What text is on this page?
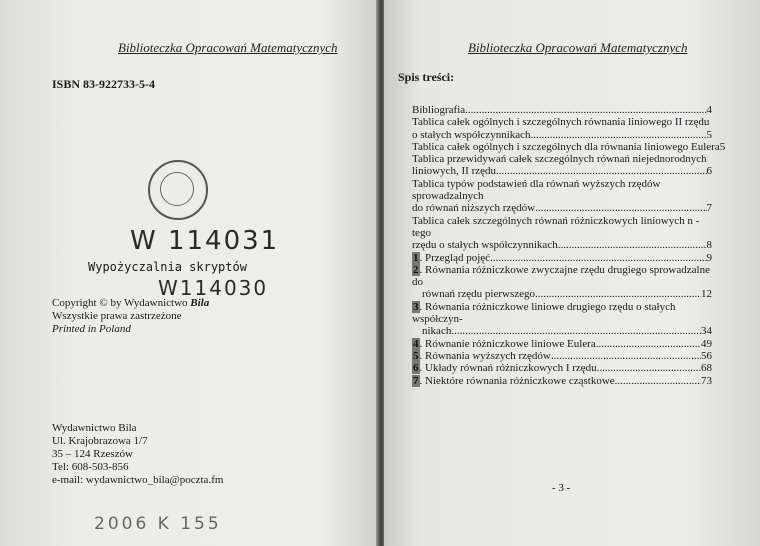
Biblioteczka Opracowań Matematycznych
ISBN 83-922733-5-4
W 114031
Wypożyczalnia skryptów
W114030
Copyright © by Wydawnictwo Bila
Wszystkie prawa zastrzeżone
Printed in Poland
Wydawnictwo Bila
Ul. Krajobrazowa 1/7
35 – 124 Rzeszów
Tel: 608-503-856
e-mail: wydawnictwo_bila@poczta.fm
2006 K 155
Biblioteczka Opracowań Matematycznych
Spis treści:
Bibliografia .....	4
Tablica całek ogólnych i szczególnych równania liniowego II rzędu
o stałych współczynnikach .....	5
Tablica całek ogólnych i szczególnych dla równania liniowego Eulera 5
Tablica przewidywań całek szczególnych równań niejednorodnych
liniowych, II rzędu .....	6
Tablica typów podstawień dla równań wyższych rzędów sprowadzalnych
do równań niższych rzędów .....	7
Tablica całek szczególnych równań różniczkowych liniowych n - tego
rzędu o stałych współczynnikach .....	8
1. Przegląd pojęć .....	9
2. Równania różniczkowe zwyczajne rzędu drugiego sprowadzalne do
równań rzędu pierwszego .....	12
3. Równania różniczkowe liniowe drugiego rzędu o stałych współczyn-
nikach .....	34
4. Równanie różniczkowe liniowe Eulera .....	49
5. Równania wyższych rzędów .....	56
6. Układy równań różniczkowych I rzędu .....	68
7. Niektóre równania różniczkowe cząstkowe .....	73
- 3 -
